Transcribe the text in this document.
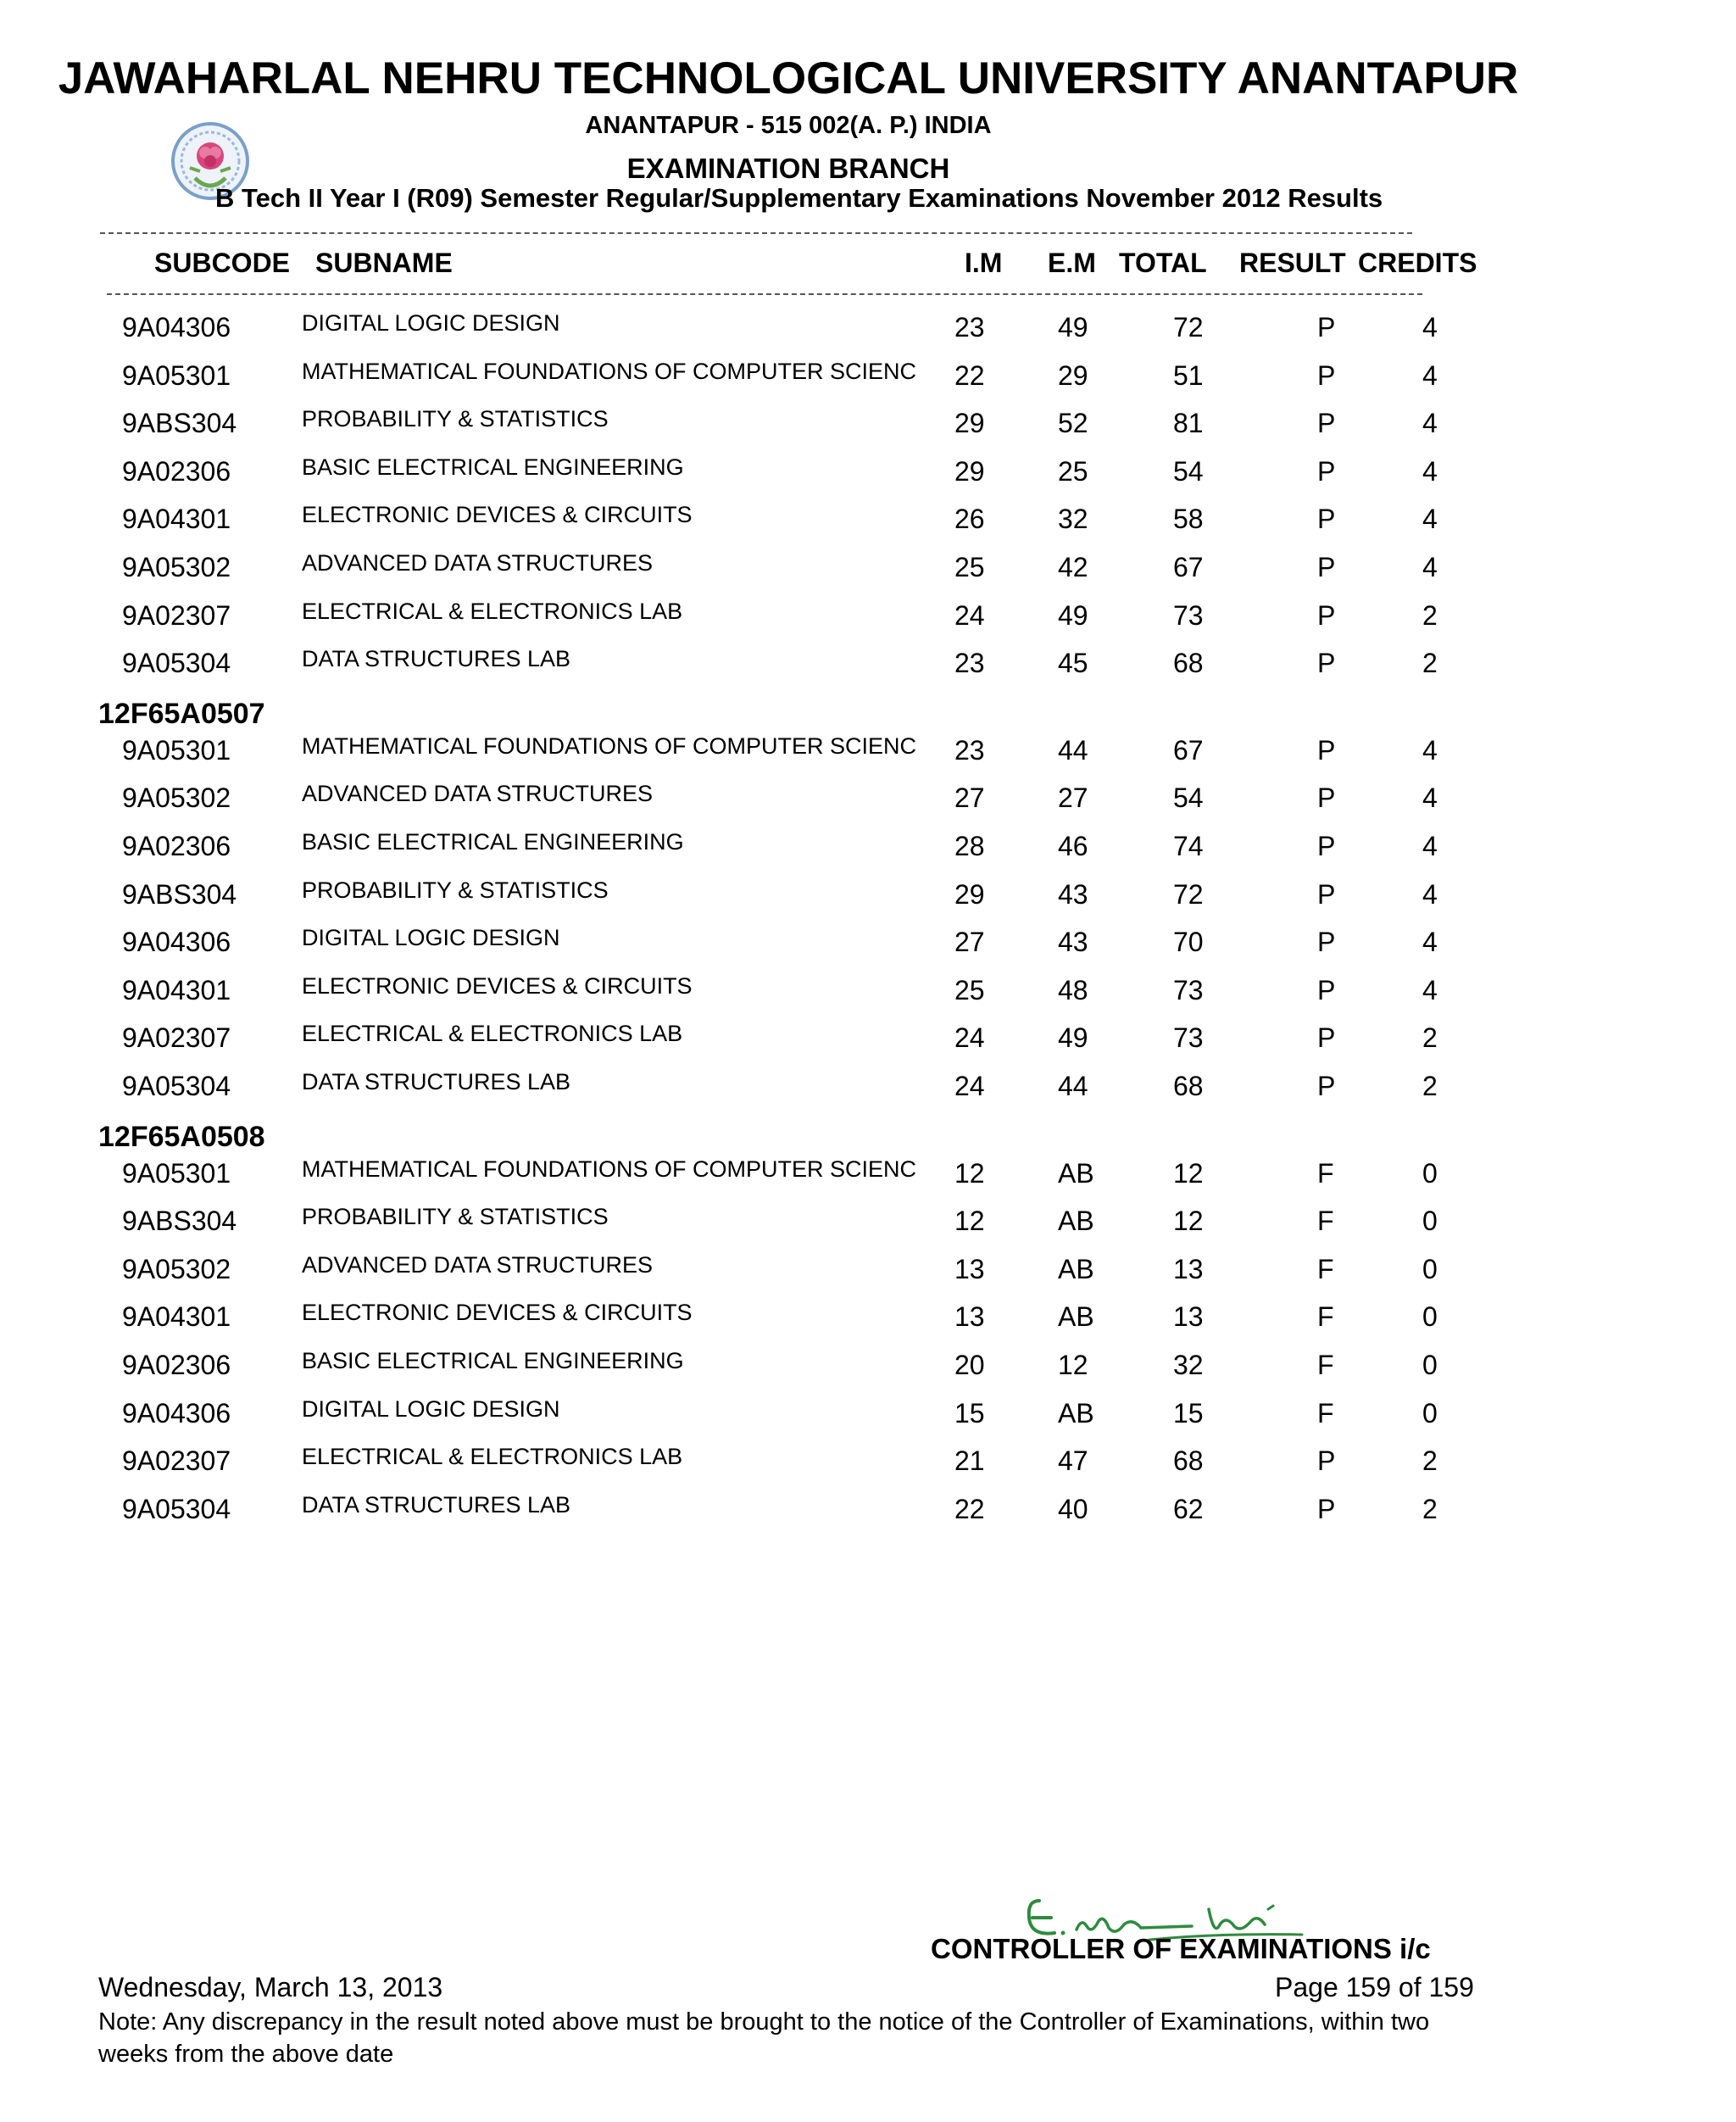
JAWAHARLAL NEHRU TECHNOLOGICAL UNIVERSITY ANANTAPUR
ANANTAPUR - 515 002(A. P.) INDIA
EXAMINATION BRANCH
B Tech II Year I (R09) Semester Regular/Supplementary Examinations November 2012 Results
SUBCODE SUBNAME	I.M E.M TOTAL RESULT CREDITS
9A04306	DIGITAL LOGIC DESIGN	23	49	72	P	4
9A05301	MATHEMATICAL FOUNDATIONS OF COMPUTER SCIENC 22	29	51	P	4
9ABS304	PROBABILITY & STATISTICS	29	52	81	P	4
9A02306	BASIC ELECTRICAL ENGINEERING	29	25	54	P	4
9A04301	ELECTRONIC DEVICES & CIRCUITS	26	32	58	P	4
9A05302	ADVANCED DATA STRUCTURES	25	42	67	P	4
9A02307	ELECTRICAL & ELECTRONICS LAB	24	49	73	P	2
9A05304	DATA STRUCTURES LAB	23	45	68	P	2
12F65A0507
9A05301	MATHEMATICAL FOUNDATIONS OF COMPUTER SCIENC 23	44	67	P	4
9A05302	ADVANCED DATA STRUCTURES	27	27	54	P	4
9A02306	BASIC ELECTRICAL ENGINEERING	28	46	74	P	4
9ABS304	PROBABILITY & STATISTICS	29	43	72	P	4
9A04306	DIGITAL LOGIC DESIGN	27	43	70	P	4
9A04301	ELECTRONIC DEVICES & CIRCUITS	25	48	73	P	4
9A02307	ELECTRICAL & ELECTRONICS LAB	24	49	73	P	2
9A05304	DATA STRUCTURES LAB	24	44	68	P	2
12F65A0508
9A05301	MATHEMATICAL FOUNDATIONS OF COMPUTER SCIENC 12	AB	12	F	0
9ABS304	PROBABILITY & STATISTICS	12	AB	12	F	0
9A05302	ADVANCED DATA STRUCTURES	13	AB	13	F	0
9A04301	ELECTRONIC DEVICES & CIRCUITS	13	AB	13	F	0
9A02306	BASIC ELECTRICAL ENGINEERING	20	12	32	F	0
9A04306	DIGITAL LOGIC DESIGN	15	AB	15	F	0
9A02307	ELECTRICAL & ELECTRONICS LAB	21	47	68	P	2
9A05304	DATA STRUCTURES LAB	22	40	62	P	2
CONTROLLER OF EXAMINATIONS i/c
Wednesday, March 13, 2013	Page 159 of 159
Note: Any discrepancy in the result noted above must be brought to the notice of the Controller of Examinations, within two weeks from the above date
